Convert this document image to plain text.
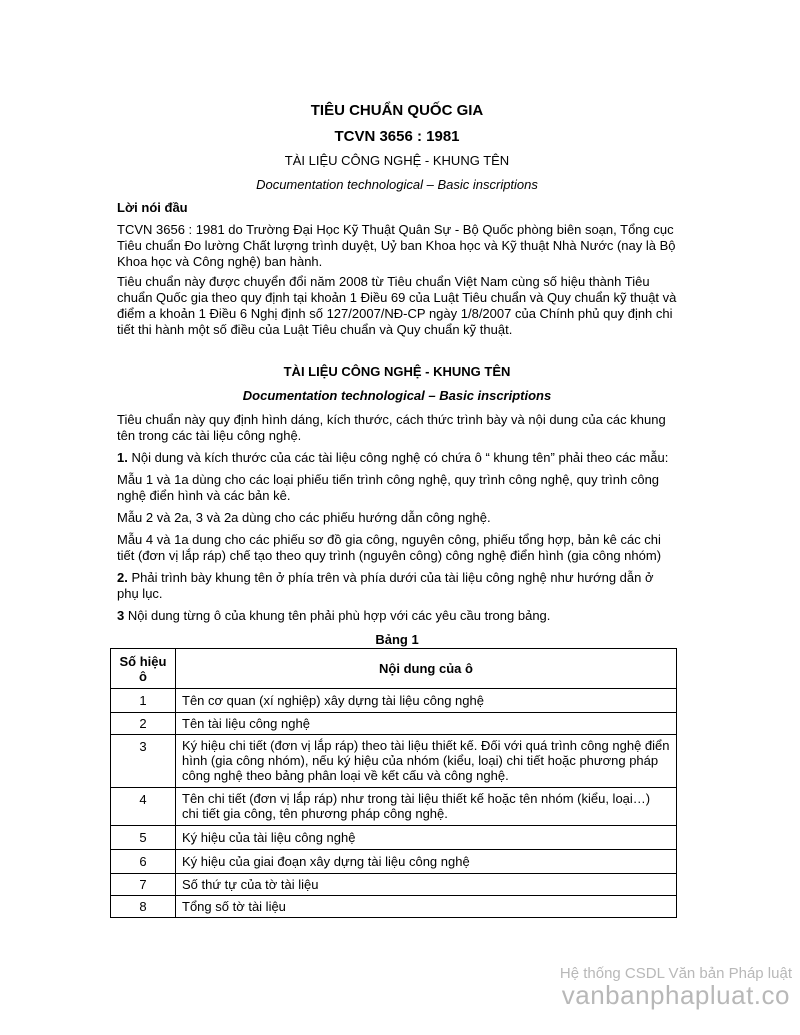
TIÊU CHUẨN QUỐC GIA
TCVN 3656 : 1981
TÀI LIỆU CÔNG NGHỆ - KHUNG TÊN
Documentation technological – Basic inscriptions
Lời nói đầu

TCVN 3656 : 1981 do Trường Đại Học Kỹ Thuật Quân Sự - Bộ Quốc phòng biên soạn, Tổng cục Tiêu chuẩn Đo lường Chất lượng trình duyệt, Uỷ ban Khoa học và Kỹ thuật Nhà Nước (nay là Bộ Khoa học và Công nghệ) ban hành.

Tiêu chuẩn này được chuyển đổi năm 2008 từ Tiêu chuẩn Việt Nam cùng số hiệu thành Tiêu chuẩn Quốc gia theo quy định tại khoản 1 Điều 69 của Luật Tiêu chuẩn và Quy chuẩn kỹ thuật và điểm a khoản 1 Điều 6 Nghị định số 127/2007/NĐ-CP ngày 1/8/2007 của Chính phủ quy định chi tiết thi hành một số điều của Luật Tiêu chuẩn và Quy chuẩn kỹ thuật.

TÀI LIỆU CÔNG NGHỆ - KHUNG TÊN
Documentation technological – Basic inscriptions

Tiêu chuẩn này quy định hình dáng, kích thước, cách thức trình bày và nội dung của các khung tên trong các tài liệu công nghệ.

1. Nội dung và kích thước của các tài liệu công nghệ có chứa ô “ khung tên” phải theo các mẫu:

Mẫu 1 và 1a dùng cho các loại phiếu tiến trình công nghệ, quy trình công nghệ, quy trình công nghệ điển hình và các bản kê.

Mẫu 2 và 2a, 3 và 2a dùng cho các phiếu hướng dẫn công nghệ.

Mẫu 4 và 1a dung cho các phiếu sơ đồ gia công, nguyên công, phiếu tổng hợp, bản kê các chi tiết (đơn vị lắp ráp) chế tạo theo quy trình (nguyên công) công nghệ điển hình (gia công nhóm)

2. Phải trình bày khung tên ở phía trên và phía dưới của tài liệu công nghệ như hướng dẫn ở phụ lục.

3 Nội dung từng ô của khung tên phải phù hợp với các yêu cầu trong bảng.

Bảng 1
Số hiệu ô	Nội dung của ô
1	Tên cơ quan (xí nghiệp) xây dựng tài liệu công nghệ
2	Tên tài liệu công nghệ
3	Ký hiệu chi tiết (đơn vị lắp ráp) theo tài liệu thiết kế. Đối với quá trình công nghệ điển hình (gia công nhóm), nếu ký hiệu của nhóm (kiểu, loại) chi tiết hoặc phương pháp công nghệ theo bảng phân loại về kết cấu và công nghệ.
4	Tên chi tiết (đơn vị lắp ráp) như trong tài liệu thiết kế hoặc tên nhóm (kiểu, loại…) chi tiết gia công, tên phương pháp công nghệ.
5	Ký hiệu của tài liệu công nghệ
6	Ký hiệu của giai đoạn xây dựng tài liệu công nghệ
7	Số thứ tự của tờ tài liệu
8	Tổng số tờ tài liệu
Hệ thống CSDL Văn bản Pháp luật
vanbanphapluat.co
